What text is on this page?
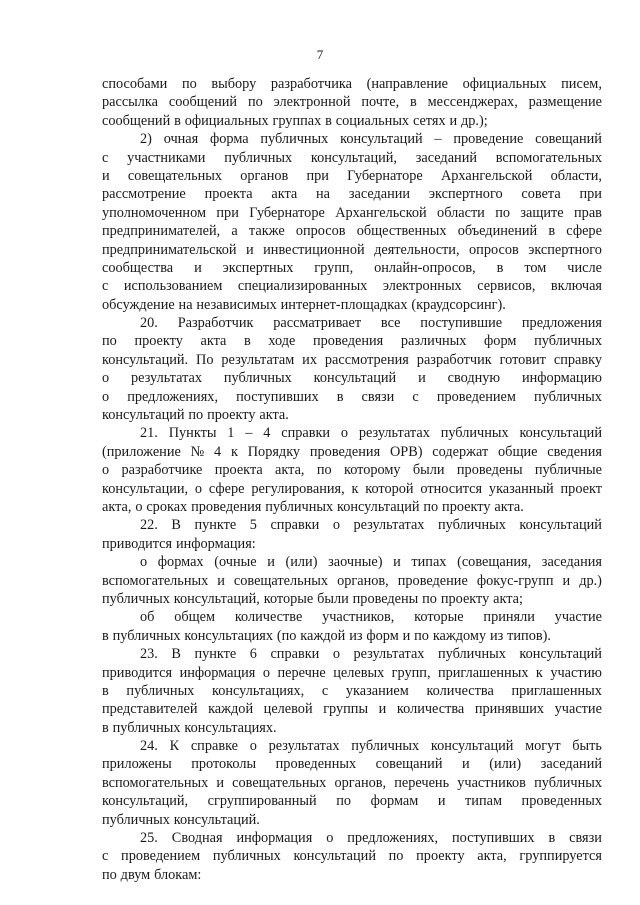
7
способами по выбору разработчика (направление официальных писем,
рассылка сообщений по электронной почте, в мессенджерах, размещение
сообщений в официальных группах в социальных сетях и др.);
2) очная форма публичных консультаций – проведение совещаний
с участниками публичных консультаций, заседаний вспомогательных
и совещательных органов при Губернаторе Архангельской области,
рассмотрение проекта акта на заседании экспертного совета при
уполномоченном при Губернаторе Архангельской области по защите прав
предпринимателей, а также опросов общественных объединений в сфере
предпринимательской и инвестиционной деятельности, опросов экспертного
сообщества и экспертных групп, онлайн-опросов, в том числе
с использованием специализированных электронных сервисов, включая
обсуждение на независимых интернет-площадках (краудсорсинг).
20. Разработчик рассматривает все поступившие предложения
по проекту акта в ходе проведения различных форм публичных
консультаций. По результатам их рассмотрения разработчик готовит справку
о результатах публичных консультаций и сводную информацию
о предложениях, поступивших в связи с проведением публичных
консультаций по проекту акта.
21. Пункты 1 – 4 справки о результатах публичных консультаций
(приложение № 4 к Порядку проведения ОРВ) содержат общие сведения
о разработчике проекта акта, по которому были проведены публичные
консультации, о сфере регулирования, к которой относится указанный проект
акта, о сроках проведения публичных консультаций по проекту акта.
22. В пункте 5 справки о результатах публичных консультаций
приводится информация:
о формах (очные и (или) заочные) и типах (совещания, заседания
вспомогательных и совещательных органов, проведение фокус-групп и др.)
публичных консультаций, которые были проведены по проекту акта;
об общем количестве участников, которые приняли участие
в публичных консультациях (по каждой из форм и по каждому из типов).
23. В пункте 6 справки о результатах публичных консультаций
приводится информация о перечне целевых групп, приглашенных к участию
в публичных консультациях, с указанием количества приглашенных
представителей каждой целевой группы и количества принявших участие
в публичных консультациях.
24. К справке о результатах публичных консультаций могут быть
приложены протоколы проведенных совещаний и (или) заседаний
вспомогательных и совещательных органов, перечень участников публичных
консультаций, сгруппированный по формам и типам проведенных
публичных консультаций.
25. Сводная информация о предложениях, поступивших в связи
с проведением публичных консультаций по проекту акта, группируется
по двум блокам:
